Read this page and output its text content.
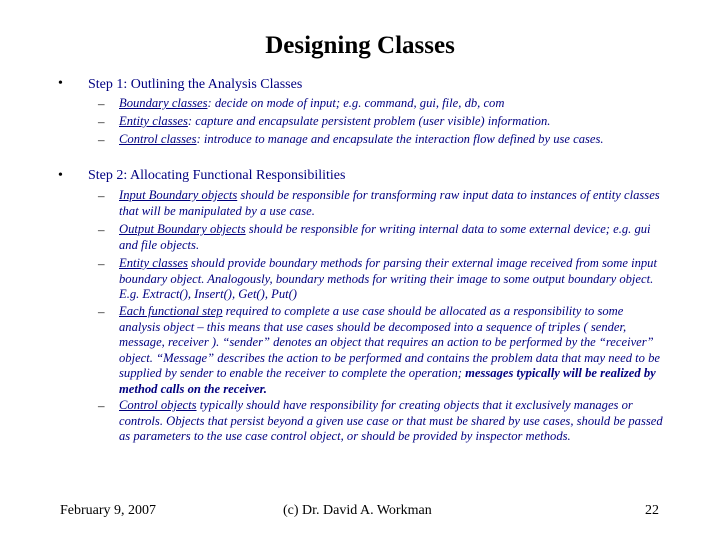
Designing Classes
• Step 1: Outlining the Analysis Classes
– Boundary classes: decide on mode of input; e.g. command, gui, file, db, com
– Entity classes: capture and encapsulate persistent problem (user visible) information.
– Control classes: introduce to manage and encapsulate the interaction flow defined by use cases.
• Step 2: Allocating Functional Responsibilities
– Input Boundary objects should be responsible for transforming raw input data to instances of entity classes that will be manipulated by a use case.
– Output Boundary objects should be responsible for writing internal data to some external device; e.g. gui and file objects.
– Entity classes should provide boundary methods for parsing their external image received from some input boundary object. Analogously, boundary methods for writing their image to some output boundary object. E.g. Extract(), Insert(), Get(), Put()
– Each functional step required to complete a use case should be allocated as a responsibility to some analysis object – this means that use cases should be decomposed into a sequence of triples ( sender, message, receiver ). “sender” denotes an object that requires an action to be performed by the “receiver” object. “Message” describes the action to be performed and contains the problem data that may need to be supplied by sender to enable the receiver to complete the operation; messages typically will be realized by method calls on the receiver.
– Control objects typically should have responsibility for creating objects that it exclusively manages or controls. Objects that persist beyond a given use case or that must be shared by use cases, should be passed as parameters to the use case control object, or should be provided by inspector methods.
February 9, 2007	(c) Dr. David A. Workman	22
